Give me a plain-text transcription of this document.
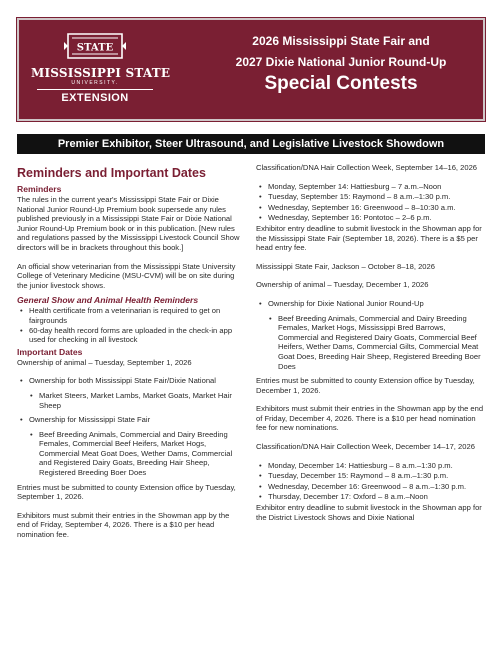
STATE
MISSISSIPPI STATE
UNIVERSITY.
EXTENSION
2026 Mississippi State Fair and
2027 Dixie National Junior Round-Up
Special Contests
Premier Exhibitor, Steer Ultrasound, and Legislative Livestock Showdown
Reminders and Important Dates
Reminders

The rules in the current year's Mississippi State Fair or Dixie National Junior Round-Up Premium book supersede any rules published previously in a Mississippi State Fair or Dixie National Junior Round-Up Premium book or in this publication. [New rules and regulations passed by the Mississippi Livestock Council Show directors will be in brackets throughout this book.]

An official show veterinarian from the Mississippi State University College of Veterinary Medicine (MSU-CVM) will be on site during the junior livestock shows.

General Show and Animal Health Reminders
• Health certificate from a veterinarian is required to get on fairgrounds
• 60-day health record forms are uploaded in the check-in app used for checking in all livestock
Important Dates

Ownership of animal – Tuesday, September 1, 2026

• Ownership for both Mississippi State Fair/Dixie National
• Market Steers, Market Lambs, Market Goats, Market Hair Sheep
• Ownership for Mississippi State Fair
• Beef Breeding Animals, Commercial and Dairy Breeding Females, Commercial Beef Heifers, Market Hogs, Commercial Meat Goat Does, Wether Dams, Commercial and Registered Dairy Goats, Breeding Hair Sheep, Registered Breeding Boer Does

Entries must be submitted to county Extension office by Tuesday, September 1, 2026.

Exhibitors must submit their entries in the Showman app by the end of Friday, September 4, 2026. There is a $10 per head nomination fee.

Classification/DNA Hair Collection Week, September 14–16, 2026

• Monday, September 14: Hattiesburg – 7 a.m.–Noon
• Tuesday, September 15: Raymond – 8 a.m.–1:30 p.m.
• Wednesday, September 16: Greenwood – 8–10:30 a.m.
• Wednesday, September 16: Pontotoc – 2–6 p.m.

Exhibitor entry deadline to submit livestock in the Showman app for the Mississippi State Fair (September 18, 2026). There is a $5 per head entry fee.

Mississippi State Fair, Jackson – October 8–18, 2026

Ownership of animal – Tuesday, December 1, 2026

• Ownership for Dixie National Junior Round-Up
• Beef Breeding Animals, Commercial and Dairy Breeding Females, Market Hogs, Mississippi Bred Barrows, Commercial and Registered Dairy Goats, Commercial Beef Heifers, Wether Dams, Commercial Gilts, Commercial Meat Goat Does, Breeding Hair Sheep, Registered Breeding Boer Does

Entries must be submitted to county Extension office by Tuesday, December 1, 2026.

Exhibitors must submit their entries in the Showman app by the end of Friday, December 4, 2026. There is a $10 per head nomination fee for new nominations.

Classification/DNA Hair Collection Week, December 14–17, 2026

• Monday, December 14: Hattiesburg – 8 a.m.–1:30 p.m.
• Tuesday, December 15: Raymond – 8 a.m.–1:30 p.m.
• Wednesday, December 16: Greenwood – 8 a.m.–1:30 p.m.
• Thursday, December 17: Oxford – 8 a.m.–Noon

Exhibitor entry deadline to submit livestock in the Showman app for the District Livestock Shows and Dixie National
